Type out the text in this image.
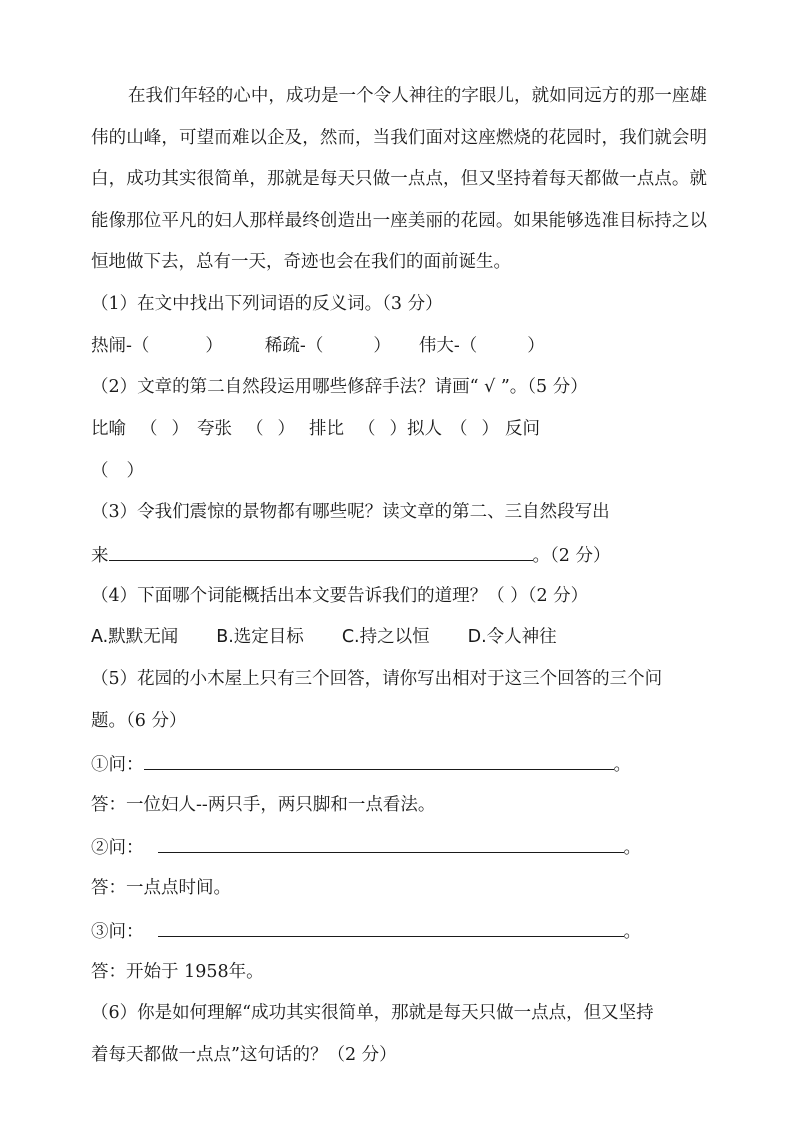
在我们年轻的心中，成功是一个令人神往的字眼儿，就如同远方的那一座雄伟的山峰，可望而难以企及，然而，当我们面对这座燃烧的花园时，我们就会明白，成功其实很简单，那就是每天只做一点点，但又坚持着每天都做一点点。就能像那位平凡的妇人那样最终创造出一座美丽的花园。如果能够选准目标持之以恒地做下去，总有一天，奇迹也会在我们的面前诞生。
（1）在文中找出下列词语的反义词。（3 分）
热闹-（	） 稀疏-（	） 伟大-（	）
（2）文章的第二自然段运用哪些修辞手法？请画“ √ ”。（5 分）
比喻 （ ） 夸张 （ ） 排比 （ ）拟人 （ ） 反问
（ ）
（3）令我们震惊的景物都有哪些呢？读文章的第二、三自然段写出
来	。（2 分）
（4）下面哪个词能概括出本文要告诉我们的道理？（ ）（2 分）
A.默默无闻 B.选定目标 C.持之以恒 D.令人神往
（5）花园的小木屋上只有三个回答，请你写出相对于这三个回答的三个问
题。（6 分）
①问：	。
答：一位妇人--两只手，两只脚和一点看法。
②问：	。
答：一点点时间。
③问：	。
答：开始于 1958年。
（6）你是如何理解“成功其实很简单，那就是每天只做一点点，但又坚持
着每天都做一点点”这句话的？（2 分）
